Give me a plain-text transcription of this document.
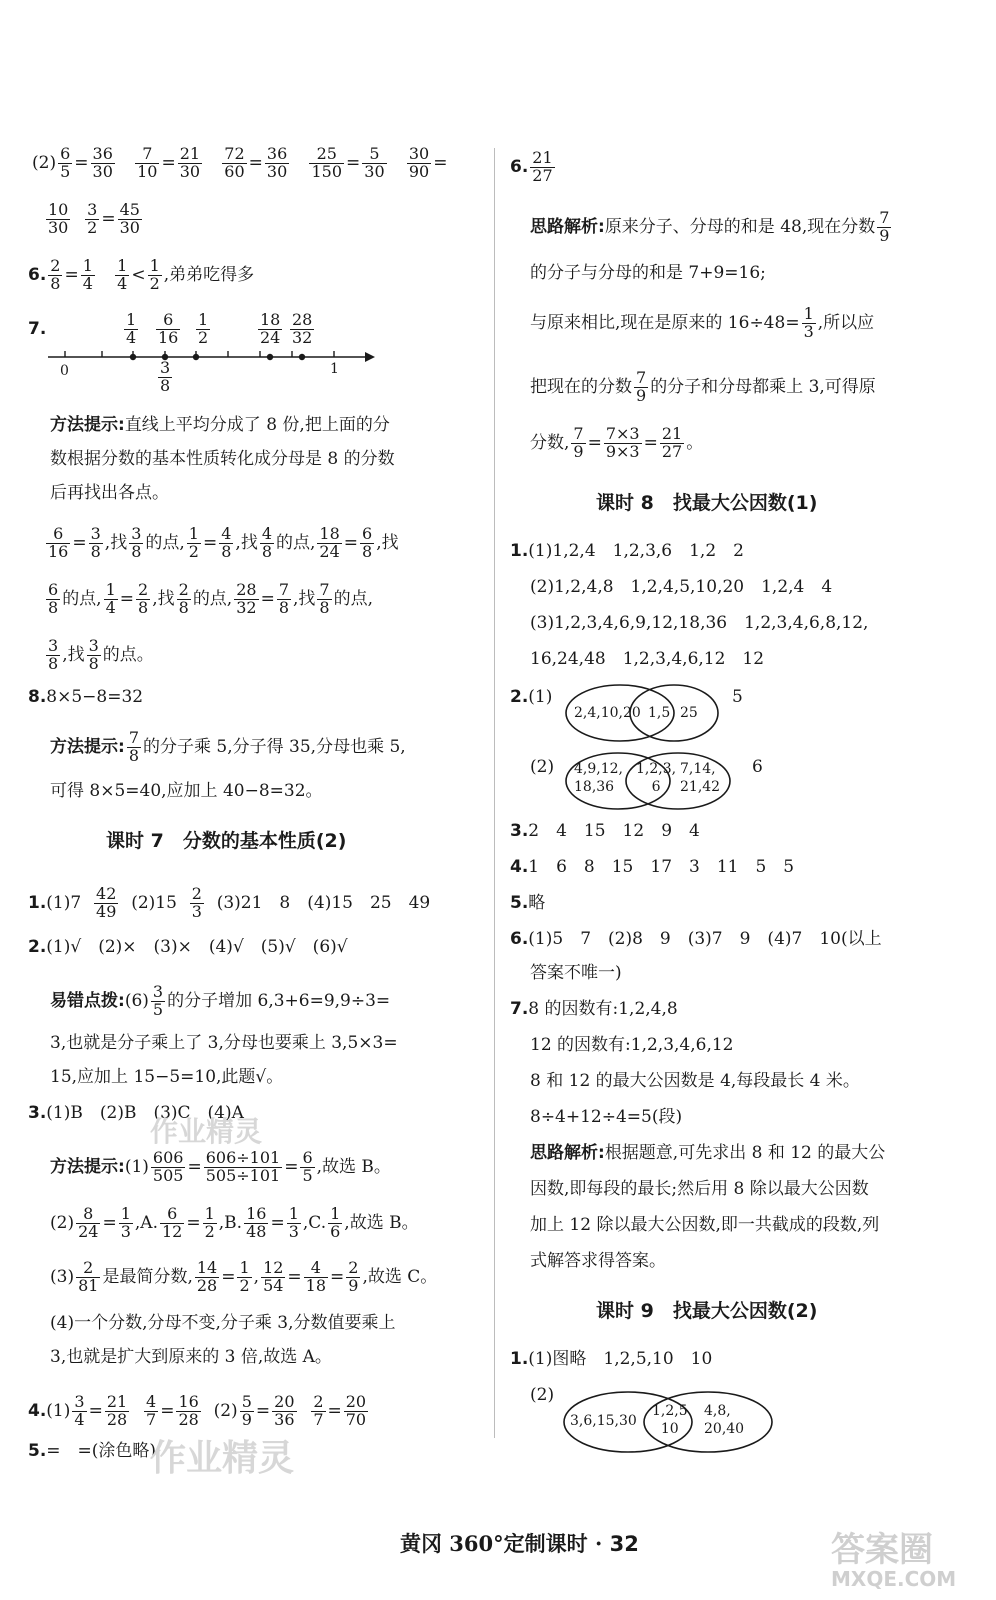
$(2) \frac{6}{5} = \frac{36}{30}$
$\frac{7}{10} = \frac{21}{30}$
$\frac{72}{60} = \frac{36}{30}$
$\frac{25}{150} = \frac{5}{30}$
$\frac{30}{90}$ =
$\frac{10}{30}$
$\frac{3}{2} = \frac{45}{30}$
6. $\frac{2}{8} = \frac{1}{4}$
$\frac{1}{4} < \frac{1}{2}$ ,弟弟吃得多
7.	$\frac{1}{4} \frac{6}{16} \frac{1}{2}$	$\frac{18}{24} \frac{28}{32}$
0	1
$\frac{3}{8}$
方法提示:直线上平均分成了 8 份,把上面的分
数根据分数的基本性质转化成分母是 8 的分数
后再找出各点。
$\frac{6}{16} = \frac{3}{8}$ ,找 $\frac{3}{8}$ 的点, $\frac{1}{2} = \frac{4}{8}$ ,找 $\frac{4}{8}$ 的点, $\frac{18}{24} = \frac{6}{8}$ ,找
$\frac{6}{8}$ 的点, $\frac{1}{4} = \frac{2}{8}$ ,找 $\frac{2}{8}$ 的点, $\frac{28}{32} = \frac{7}{8}$ ,找 $\frac{7}{8}$ 的点,
$\frac{3}{8}$ ,找 $\frac{3}{8}$ 的点。
8.8×5−8=32
方法提示: $\frac{7}{8}$ 的分子乘 5,分子得 35,分母也乘 5,
可得 8×5=40,应加上 40−8=32。
课时 7　分数的基本性质(2)
$1.(1)7 \frac{42}{49} (2)15 \frac{2}{3} (3)21$　8　(4)15　25　49
2.(1)√　(2)×　(3)×　(4)√　(5)√　(6)√
易错点拨:(6) $\frac{3}{5}$ 的分子增加 6,3+6=9,9÷3=
3,也就是分子乘上了 3,分母也要乘上 3,5×3=
15,应加上 15−5=10,此题√。
3.(1)B　(2)B　(3)C　(4)A
方法提示:(1) $\frac{606}{505} = \frac{606\div 101}{505\div 101} = \frac{6}{5}$ ,故选 B。
$(2) \frac{8}{24} = \frac{1}{3} ,A$. $\frac{6}{12} = \frac{1}{2} ,B$. $\frac{16}{48} = \frac{1}{3} ,C$. $\frac{1}{6}$ ,故选 B。
$(3) \frac{2}{81}$ 是最简分数, $\frac{14}{28} = \frac{1}{2}$ , $\frac{12}{54} = \frac{4}{18} = \frac{2}{9}$ ,故选 C。
(4)一个分数,分母不变,分子乘 3,分数值要乘上
3,也就是扩大到原来的 3 倍,故选 A。
$4.(1) \frac{3}{4} = \frac{21}{28}$
$\frac{4}{7} = \frac{16}{28} (2) \frac{5}{9} = \frac{20}{36}$
$\frac{2}{7} = \frac{20}{70}$
5.=　=(涂色略)
6. $\frac{21}{27}$
思路解析:原来分子、分母的和是 48,现在分数 $\frac{7}{9}$
的分子与分母的和是 7+9=16;
与原来相比,现在是原来的 $16\div 48= \frac{1}{3}$ ,所以应
把现在的分数 $\frac{7}{9}$ 的分子和分母都乘上 3,可得原
分数, $\frac{7}{9} = \frac{7\times 3}{9\times 3} = \frac{21}{27}$ 。
课时 8　找最大公因数(1)
1.(1)1,2,4　1,2,3,6　1,2　2
(2)1,2,4,8　1,2,4,5,10,20　1,2,4　4
(3)1,2,3,4,6,9,12,18,36　1,2,3,4,6,8,12,
16,24,48　1,2,3,4,6,12　12
2.(1)
2,4,10,20 1,5 25
5
(2) 4,9,12,
18,36
1,2,3,
6
7,14,
21,42
6
3.2　4　15　12　9　4
4.1　6　8　15　17　3　11　5　5
5.略
6.(1)5　7　(2)8　9　(3)7　9　(4)7　10(以上
答案不唯一)
7.8 的因数有:1,2,4,8
12 的因数有:1,2,3,4,6,12
8 和 12 的最大公因数是 4,每段最长 4 米。
8÷4+12÷4=5(段)
思路解析:根据题意,可先求出 8 和 12 的最大公
因数,即每段的最长;然后用 8 除以最大公因数
加上 12 除以最大公因数,即一共截成的段数,列
式解答求得答案。
课时 9　找最大公因数(2)
1.(1)图略　1,2,5,10　10
(2)
3,6,15,30
1,2,5
10
4,8,
20,40
作业精灵
作业精灵
黄冈 360°定制课时 · 32	答案圈
MXQE.COM
